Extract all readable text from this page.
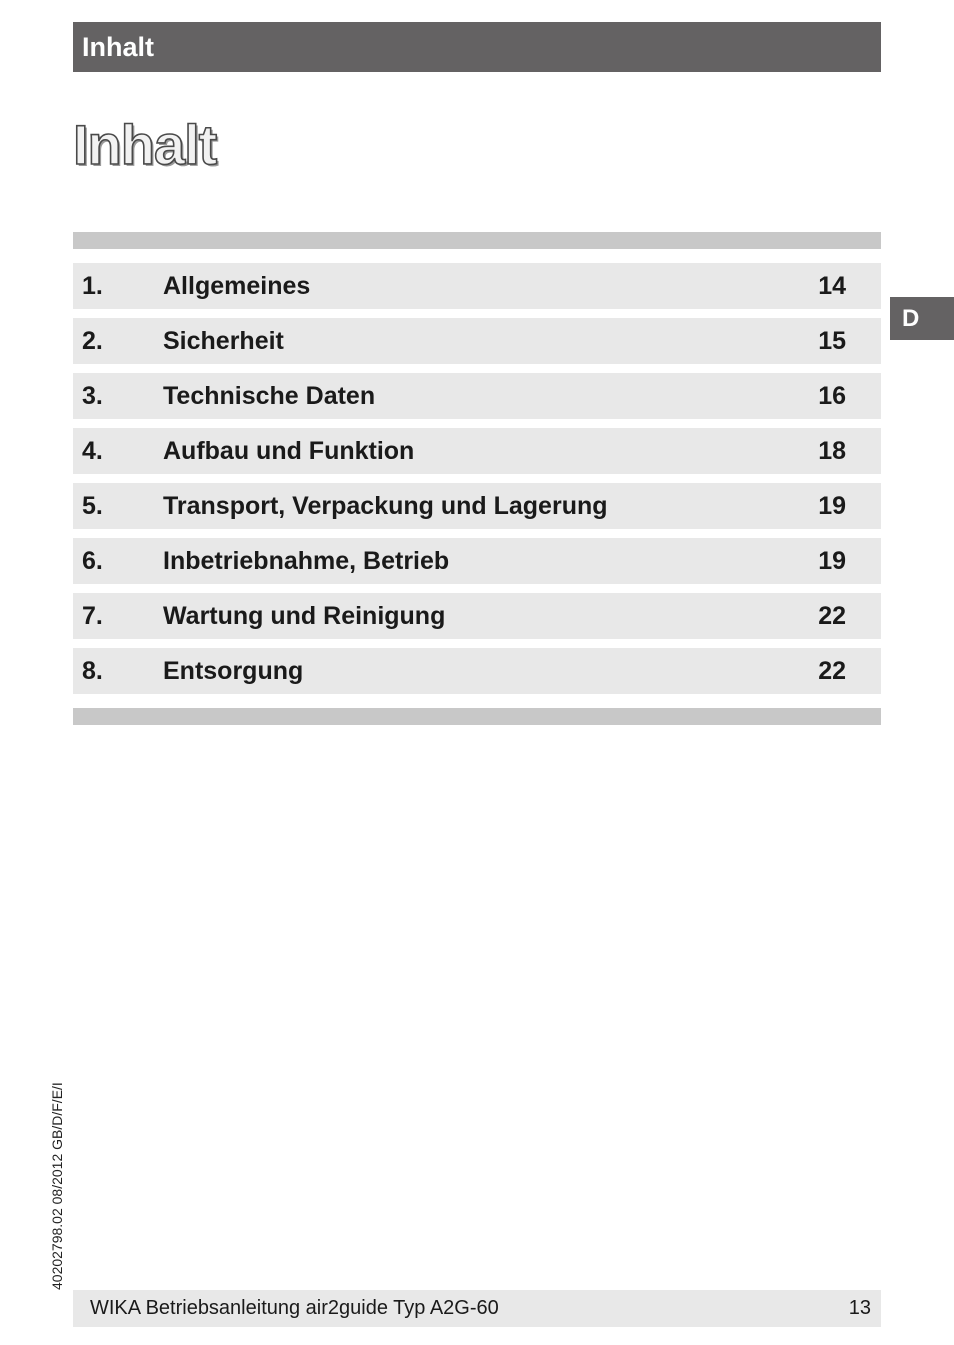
Inhalt
Inhalt
1. Allgemeines	14
2. Sicherheit	15
3. Technische Daten	16
4. Aufbau und Funktion	18
5. Transport, Verpackung und Lagerung	19
6. Inbetriebnahme, Betrieb	19
7. Wartung und Reinigung	22
8. Entsorgung	22
D
40202798.02 08/2012 GB/D/F/E/I
WIKA Betriebsanleitung air2guide Typ A2G-60	13
